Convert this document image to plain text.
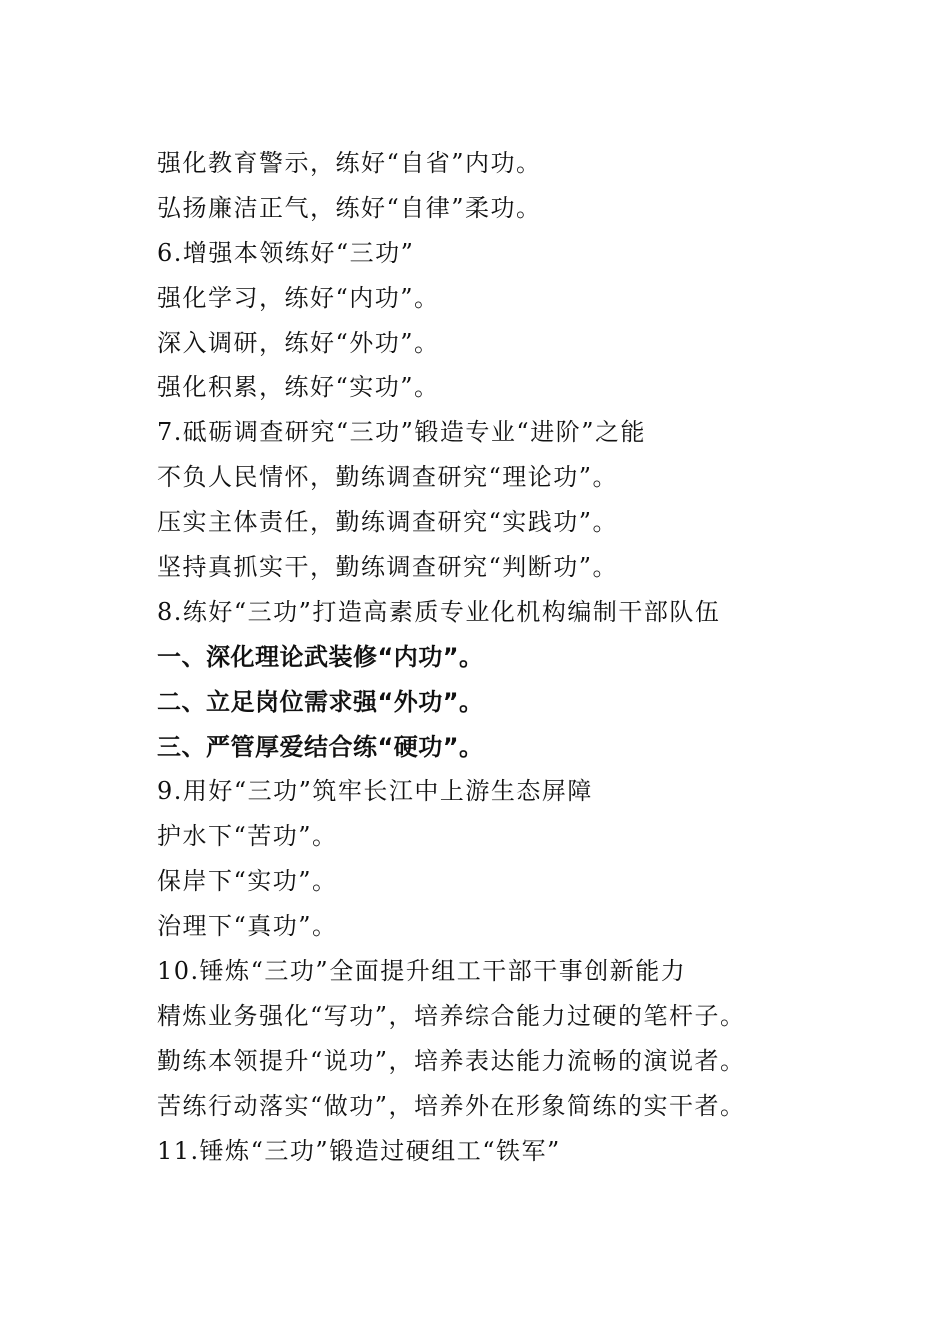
强化教育警示，练好“自省”内功。
弘扬廉洁正气，练好“自律”柔功。
6.增强本领练好“三功”
强化学习，练好“内功”。
深入调研，练好“外功”。
强化积累，练好“实功”。
7.砥砺调查研究“三功”锻造专业“进阶”之能
不负人民情怀，勤练调查研究“理论功”。
压实主体责任，勤练调查研究“实践功”。
坚持真抓实干，勤练调查研究“判断功”。
8.练好“三功”打造高素质专业化机构编制干部队伍
一、深化理论武装修“内功”。
二、立足岗位需求强“外功”。
三、严管厚爱结合练“硬功”。
9.用好“三功”筑牢长江中上游生态屏障
护水下“苦功”。
保岸下“实功”。
治理下“真功”。
10.锤炼“三功”全面提升组工干部干事创新能力
精炼业务强化“写功”，培养综合能力过硬的笔杆子。
勤练本领提升“说功”，培养表达能力流畅的演说者。
苦练行动落实“做功”，培养外在形象简练的实干者。
11.锤炼“三功”锻造过硬组工“铁军”
